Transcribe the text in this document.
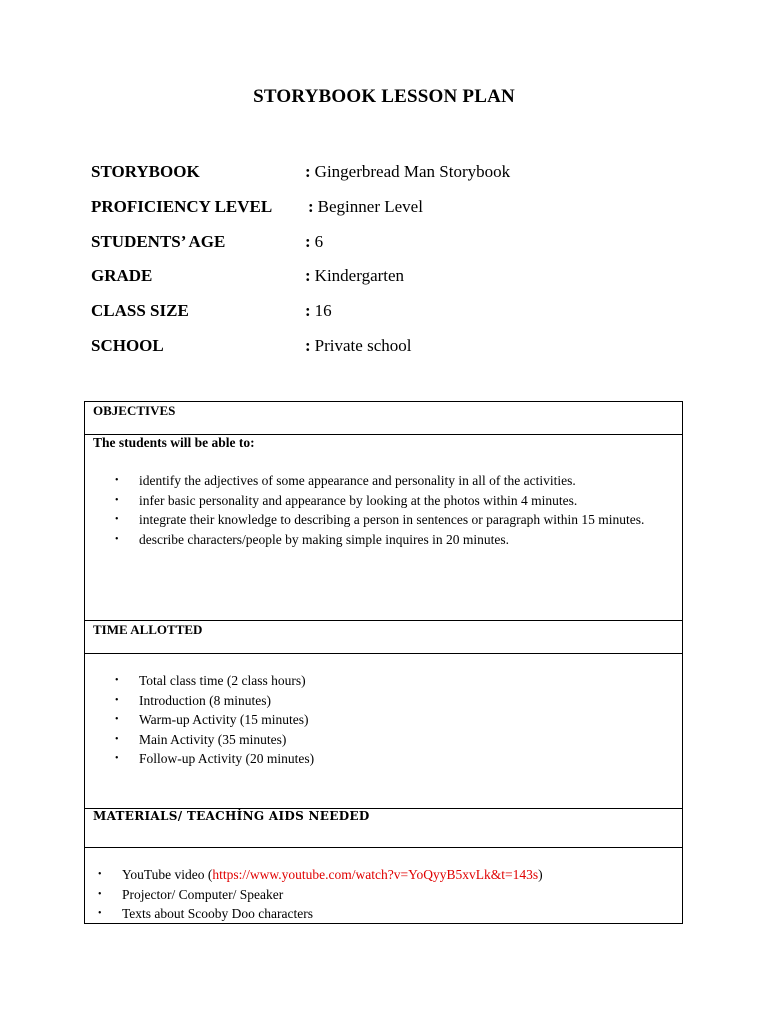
STORYBOOK LESSON PLAN
STORYBOOK	: Gingerbread Man Storybook
PROFICIENCY LEVEL : Beginner Level
STUDENTS’ AGE	: 6
GRADE	: Kindergarten
CLASS SIZE	: 16
SCHOOL	: Private school
OBJECTIVES
The students will be able to:
•	identify the adjectives of some appearance and personality in all of the activities.
•	infer basic personality and appearance by looking at the photos within 4 minutes.
•	integrate their knowledge to describing a person in sentences or paragraph within 15 minutes.
•	describe characters/people by making simple inquires in 20 minutes.
TIME ALLOTTED
•	Total class time (2 class hours)
•	Introduction (8 minutes)
•	Warm-up Activity (15 minutes)
•	Main Activity (35 minutes)
•	Follow-up Activity (20 minutes)
MATERIALS/ TEACHİNG AIDS NEEDED
•	YouTube video (https://www.youtube.com/watch?v=YoQyyB5xvLk&t=143s)
•	Projector/ Computer/ Speaker
•	Texts about Scooby Doo characters
